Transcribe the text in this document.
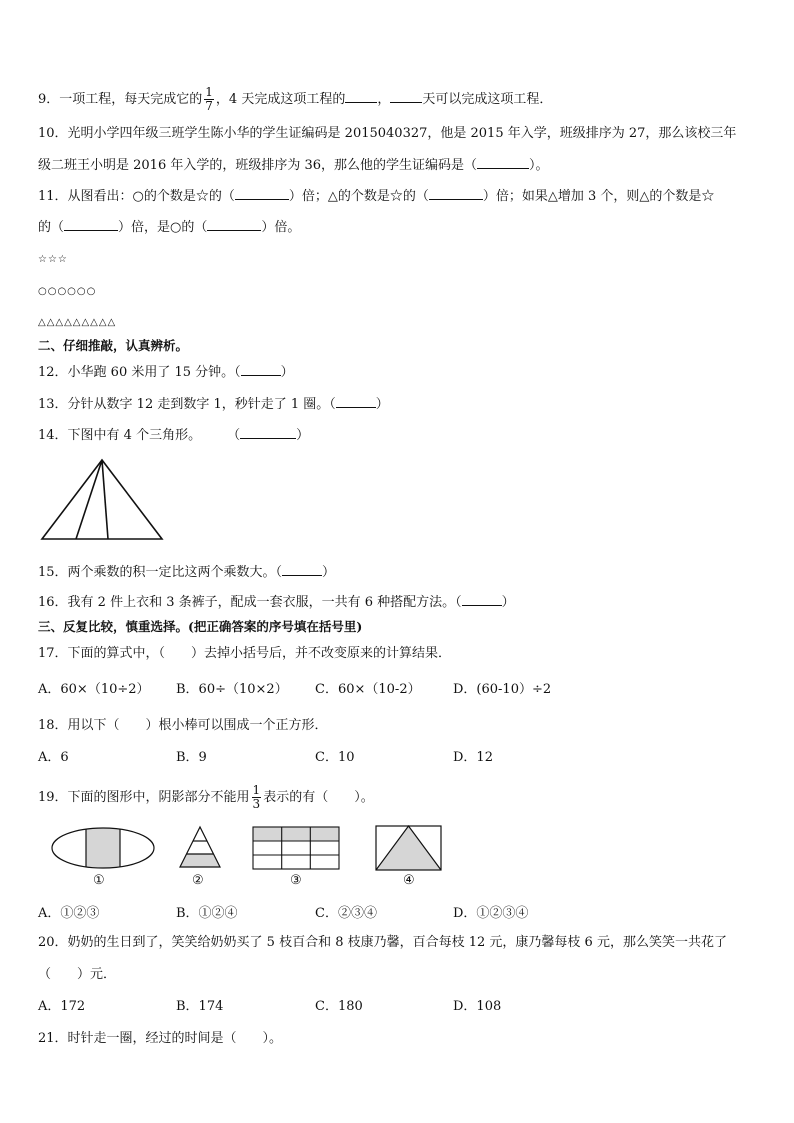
9．一项工程，每天完成它的 $\frac{1}{7}$ ，4 天完成这项工程的 ， 天可以完成这项工程．
10．光明小学四年级三班学生陈小华的学生证编码是 2015040327，他是 2015 年入学，班级排序为 27，那么该校三年
级二班王小明是 2016 年入学的，班级排序为 36，那么他的学生证编码是（	）。
11．从图看出：○的个数是☆的（	）倍；△的个数是☆的（	）倍；如果△增加 3 个，则△的个数是☆
的（	）倍，是○的（	）倍。
☆☆☆
○○○○○○
△△△△△△△△△
二、仔细推敲，认真辨析。
12．小华跑 60 米用了 15 分钟。（	）
13．分针从数字 12 走到数字 1，秒针走了 1 圈。（	）
14．下图中有 4 个三角形。 （	）
15．两个乘数的积一定比这两个乘数大。（	）
16．我有 2 件上衣和 3 条裤子，配成一套衣服，一共有 6 种搭配方法。（	）
三、反复比较，慎重选择。(把正确答案的序号填在括号里)
17．下面的算式中，（　　）去掉小括号后，并不改变原来的计算结果．
A．60×（10÷2） B．60÷（10×2） C．60×（10-2） D．(60-10）÷2
18．用以下（　　）根小棒可以围成一个正方形．
A．6	B．9	C．10	D．12
19．下面的图形中，阴影部分不能用 $\frac{1}{3}$ 表示的有（　　）。
①	②	③	④
A．①②③	B．①②④	C．②③④	D．①②③④
20．奶奶的生日到了，笑笑给奶奶买了 5 枝百合和 8 枝康乃馨，百合每枝 12 元，康乃馨每枝 6 元，那么笑笑一共花了
（　　）元．
A．172	B．174	C．180	D．108
21．时针走一圈，经过的时间是（　　）。
